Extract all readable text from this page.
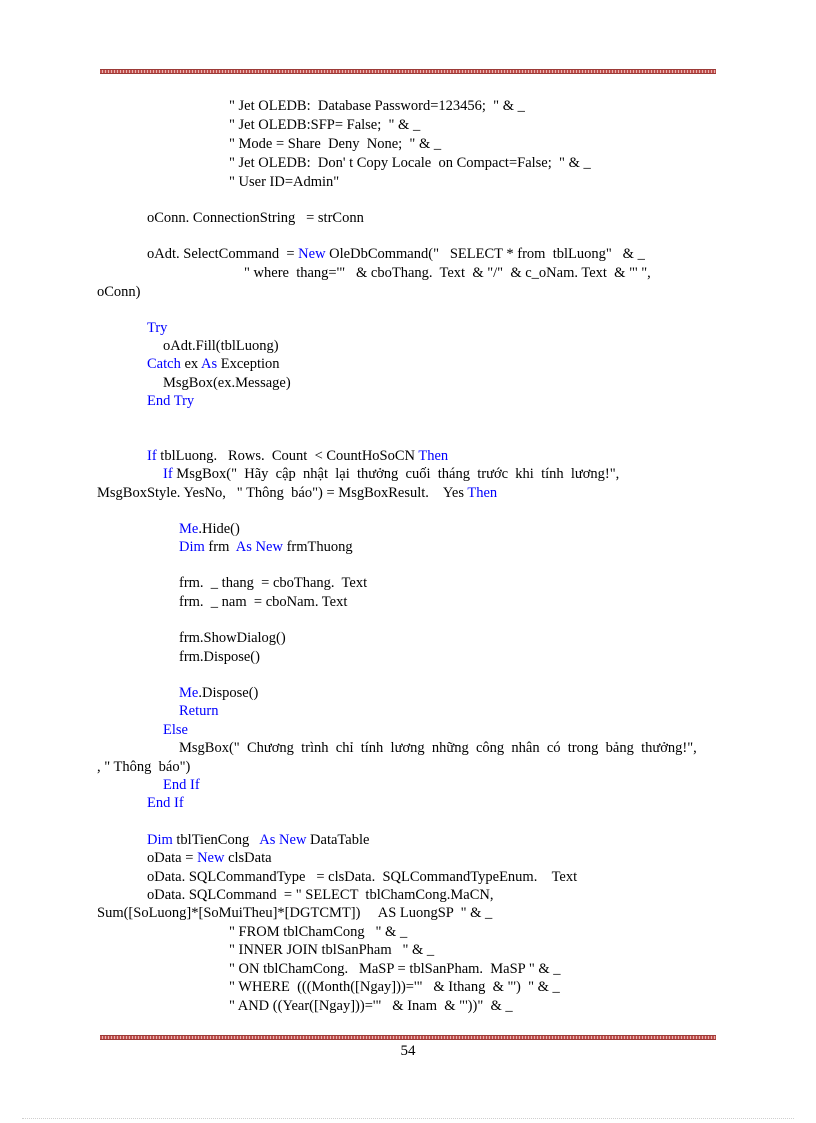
" Jet OLEDB:  Database Password=123456;  " & _
" Jet OLEDB:SFP= False;  " & _
" Mode = Share  Deny  None;  " & _
" Jet OLEDB:  Don' t Copy Locale  on Compact=False;  " & _
" User ID=Admin"
oConn. ConnectionString   = strConn
oAdt. SelectCommand  = New OleDbCommand("   SELECT * from  tblLuong"   & _
" where  thang='"   & cboThang.  Text  & "/"  & c_oNam. Text  & "' ",
oConn)
Try
oAdt.Fill(tblLuong)
Catch ex As Exception
MsgBox(ex.Message)
End Try
If tblLuong.   Rows.  Count  < CountHoSoCN Then
If MsgBox("  Hãy  cập  nhật  lại  thưởng  cuối  tháng  trước  khi  tính  lương!",
MsgBoxStyle. YesNo,   " Thông  báo") = MsgBoxResult.    Yes Then
Me.Hide()
Dim frm  As New frmThuong
frm.  _ thang  = cboThang.  Text
frm.  _ nam  = cboNam. Text
frm.ShowDialog()
frm.Dispose()
Me.Dispose()
Return
Else
MsgBox("  Chương  trình  chỉ  tính  lương  những  công  nhân  có  trong  bảng  thưởng!",
, " Thông  báo")
End If
End If
Dim tblTienCong   As New DataTable
oData = New clsData
oData. SQLCommandType   = clsData.  SQLCommandTypeEnum.    Text
oData. SQLCommand  = " SELECT  tblChamCong.MaCN,
Sum([SoLuong]*[SoMuiTheu]*[DGTCMT])     AS LuongSP  " & _
" FROM tblChamCong   " & _
" INNER JOIN tblSanPham   " & _
" ON tblChamCong.   MaSP = tblSanPham.  MaSP " & _
" WHERE  (((Month([Ngay]))='"   & Ithang  & "')  " & _
" AND ((Year([Ngay]))='"   & Inam  & "'))"  & _
54
